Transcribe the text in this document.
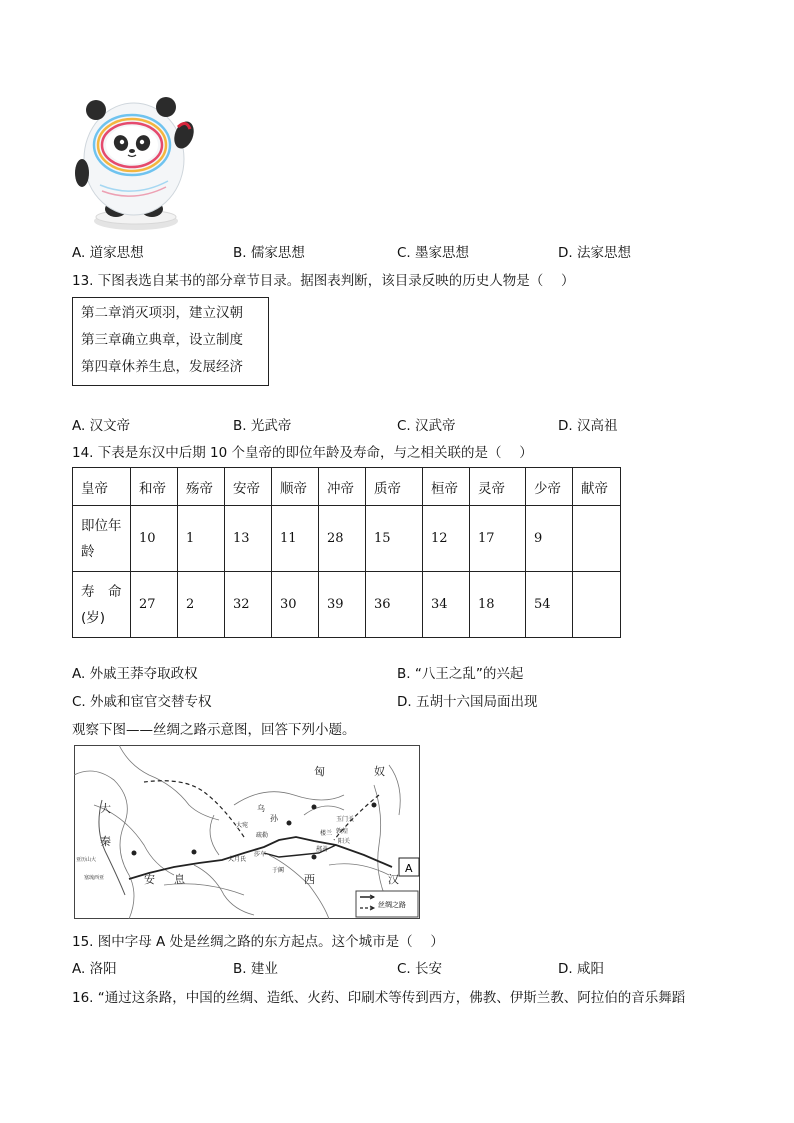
A. 道家思想	B. 儒家思想	C. 墨家思想	D. 法家思想
13. 下图表选自某书的部分章节目录。据图表判断，该目录反映的历史人物是（　 ）
第二章消灭项羽，建立汉朝
第三章确立典章，设立制度
第四章休养生息，发展经济
A. 汉文帝	B. 光武帝	C. 汉武帝	D. 汉高祖
14. 下表是东汉中后期 10 个皇帝的即位年龄及寿命，与之相关联的是（　 ）
皇帝	和帝	殇帝	安帝	顺帝	冲帝	质帝	桓帝	灵帝	少帝	献帝

即位年
龄	10	1	13	11	28	15	12	17	9	

寿　命
(岁)	27	2	32	30	39	36	34	18	54	
A. 外戚王莽夺取政权	B. “八王之乱”的兴起
C. 外戚和宦官交替专权	D. 五胡十六国局面出现
观察下图——丝绸之路示意图，回答下列小题。
匈	奴
乌
孙
大宛
疏勒
莎车
大月氏
于阗
鄯善
楼兰 敦煌
阳关
玉门关
安 息
大
秦
西	汉
亚历山大
塞琉西亚
A
丝绸之路
15. 图中字母 A 处是丝绸之路的东方起点。这个城市是（　 ）
A. 洛阳	B. 建业	C. 长安	D. 咸阳
16. “通过这条路，中国的丝绸、造纸、火药、印刷术等传到西方，佛教、伊斯兰教、阿拉伯的音乐舞蹈
